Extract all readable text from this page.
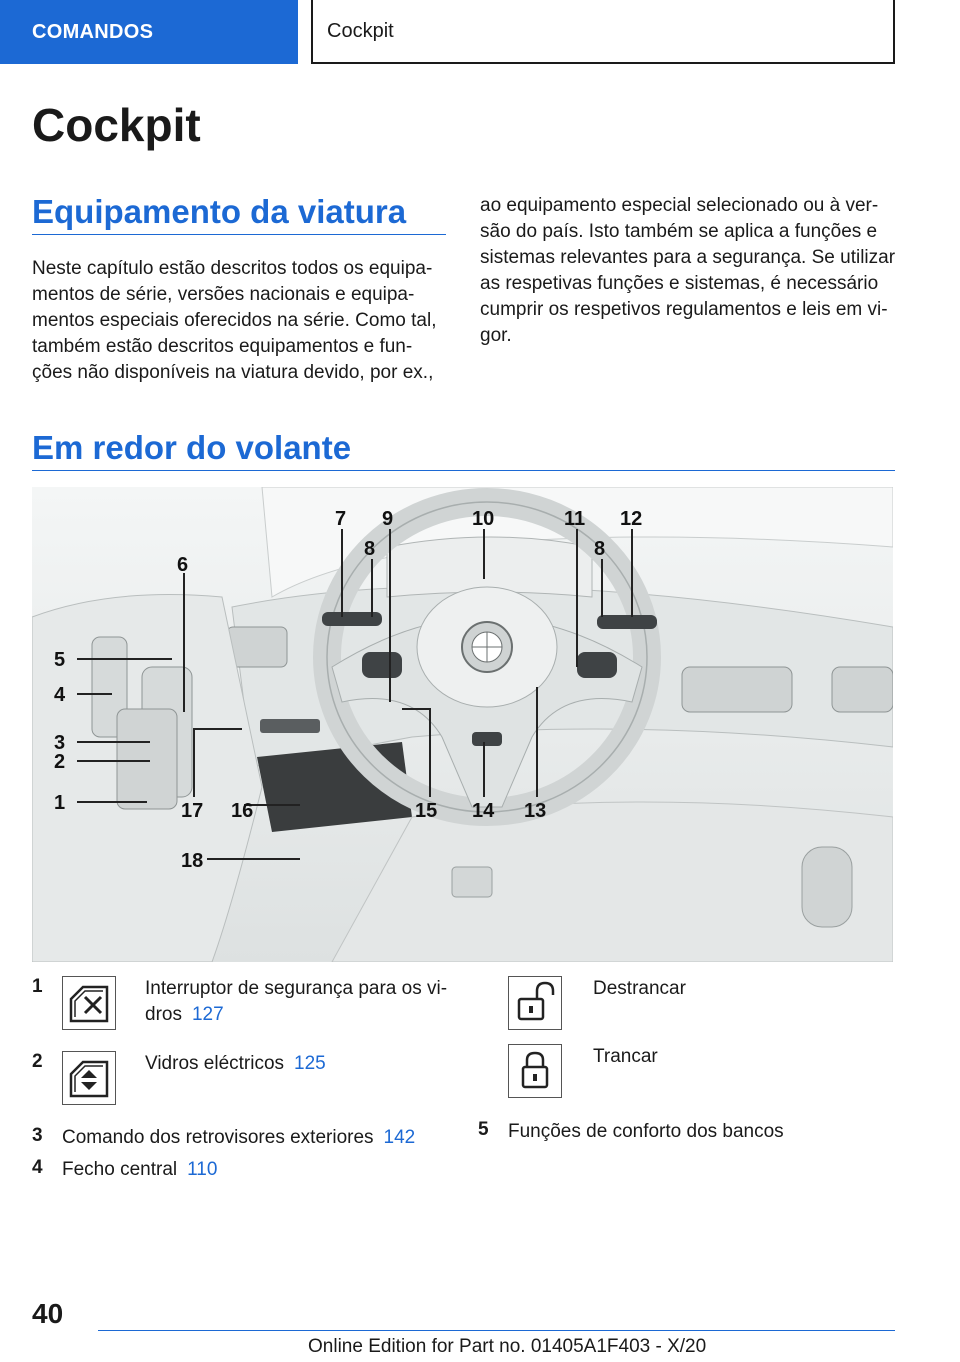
COMANDOS	Cockpit
Cockpit
Equipamento da viatura
Neste capítulo estão descritos todos os equipa-
mentos de série, versões nacionais e equipa-
mentos especiais oferecidos na série. Como tal,
também estão descritos equipamentos e fun-
ções não disponíveis na viatura devido, por ex.,
ao equipamento especial selecionado ou à ver-
são do país. Isto também se aplica a funções e
sistemas relevantes para a segurança. Se utilizar
as respetivas funções e sistemas, é necessário
cumprir os respetivos regulamentos e leis em vi-
gor.
Em redor do volante
1
2
3
4
5
6
7
8
9	10	11 12
8
13
14
15
16
17
18
1	Interruptor de segurança para os vi-
dros 127
2	Vidros eléctricos 125
3 Comando dos retrovisores exteriores 142
4 Fecho central 110
Destrancar
Trancar
5 Funções de conforto dos bancos
40
Online Edition for Part no. 01405A1F403 - X/20
